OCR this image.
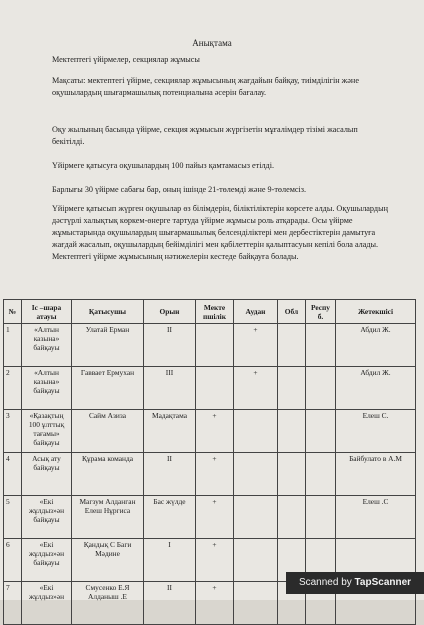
Анықтама
Мектептегі үйірмелер, секциялар жұмысы
Мақсаты: мектептегі үйірме, секциялар жұмысының жағдайын байқау, тиімділігін және оқушылардың шығармашылық потенциалына әсерін бағалау.
Оқу жылының басында үйірме, секция жұмысын жүргізетін мұғалімдер тізімі жасалып бекітілді.
Үйірмеге қатысуға оқушылардың 100 пайыз қамтамасыз етілді.
Барлығы 30 үйірме сабағы бар, оның ішінде 21-төлемді және 9-төлемсіз.
Үйірмеге қатысып жүрген оқушылар өз білімдерін, біліктіліктерін көрсете алды. Оқушылардың дәстүрлі халықтық көркем-өнерге тартуда үйірме жұмысы роль атқарады. Осы үйірме жұмыстарында оқушылардың шығармашылық белсенділіктері мен дербестіктерін дамытуға жағдай жасалып, оқушылардың бейімділігі мен қабілеттерін қалыптасуын кепілі бола алады. Мектептегі үйірме жұмысының нәтижелерін кестеде байқауға болады.
№	Іс –шара атауы	Қатысушы	Орын	Мекте пшілік	Аудан	Обл	Респу б.	Жетекшісі
1	«Алтын казына» байқауы	Улатай Ерман	II		+			Абдил Ж.
2	«Алтын казына» байқауы	Гаввает Ермухан	III		+			Абдил Ж.
3	«Қазақтың 100 ұлттық тағамы» байқауы	Сайм Азиза	Мадақтама	+				Елеш С.
4	Асық ату байқауы	Құрама команда	II	+				Байбулато в А.М
5	«Екі жұлдыз»ән байқауы	Магзум Алданган Елеш Нұргиса	Бас жүлде	+				Елеш .С
6	«Екі жұлдыз»ән байқауы	Қандық С Баги Мәдине	I	+				
7	«Екі жұлдыз»ән	Смусенко Е.Я Алданыш .Е	II	+					Scanned by TapScanner
